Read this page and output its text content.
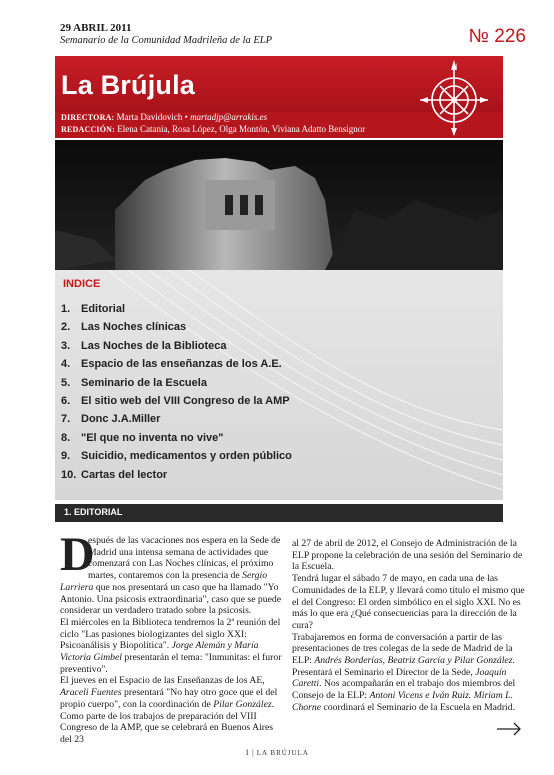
29 ABRIL 2011
Semanario de la Comunidad Madrileña de la ELP	№ 226
La Brújula
DIRECTORA: Marta Davidovich • martadjp@arrakis.es
REDACCIÓN: Elena Catania, Rosa López, Olga Montón, Viviana Adatto Bensignor
N
INDICE
1. Editorial
2. Las Noches clínicas
3. Las Noches de la Biblioteca
4. Espacio de las enseñanzas de los A.E.
5. Seminario de la Escuela
6. El sitio web del VIII Congreso de la AMP
7. Donc J.A.Miller
8. "El que no inventa no vive"
9. Suicidio, medicamentos y orden público
10. Cartas del lector
1. EDITORIAL

D
espués de las vacaciones nos espera en la Sede de Madrid una intensa semana de actividades que comenzará con Las Noches clínicas, el próximo martes, contaremos con la presencia de Sergio Larriera que nos presentará un caso que ha llamado "Yo Antonio. Una psicosis extraordinaria", caso que se puede considerar un verdadero tratado sobre la psicosis.

El miércoles en la Biblioteca tendremos la 2ª reunión del ciclo "Las pasiones biologizantes del siglo XXI: Psicoanálisis y Biopolítica". Jorge Alemán y María Victoria Gimbel presentarán el tema: "Inmunitas: el furor preventivo".

El jueves en el Espacio de las Enseñanzas de los AE, Araceli Fuentes presentará "No hay otro goce que el del propio cuerpo", con la coordinación de Pilar González.

Como parte de los trabajos de preparación del VIII Congreso de la AMP, que se celebrará en Buenos Aires del 23

al 27 de abril de 2012, el Consejo de Administración de la ELP propone la celebración de una sesión del Seminario de la Escuela.

Tendrá lugar el sábado 7 de mayo, en cada una de las Comunidades de la ELP, y llevará como título el mismo que el del Congreso: El orden simbólico en el siglo XXI. No es más lo que era ¿Qué consecuencias para la dirección de la cura?

Trabajaremos en forma de conversación a partir de las presentaciones de tres colegas de la sede de Madrid de la ELP: Andrés Borderías, Beatriz García y Pilar González.

Presentará el Seminario el Director de la Sede, Joaquín Caretti. Nos acompañarán en el trabajo dos miembros del Consejo de la ELP: Antoni Vicens e Iván Ruiz. Miriam L. Chorne coordinará el Seminario de la Escuela en Madrid.

1 | LA BRÚJULA
